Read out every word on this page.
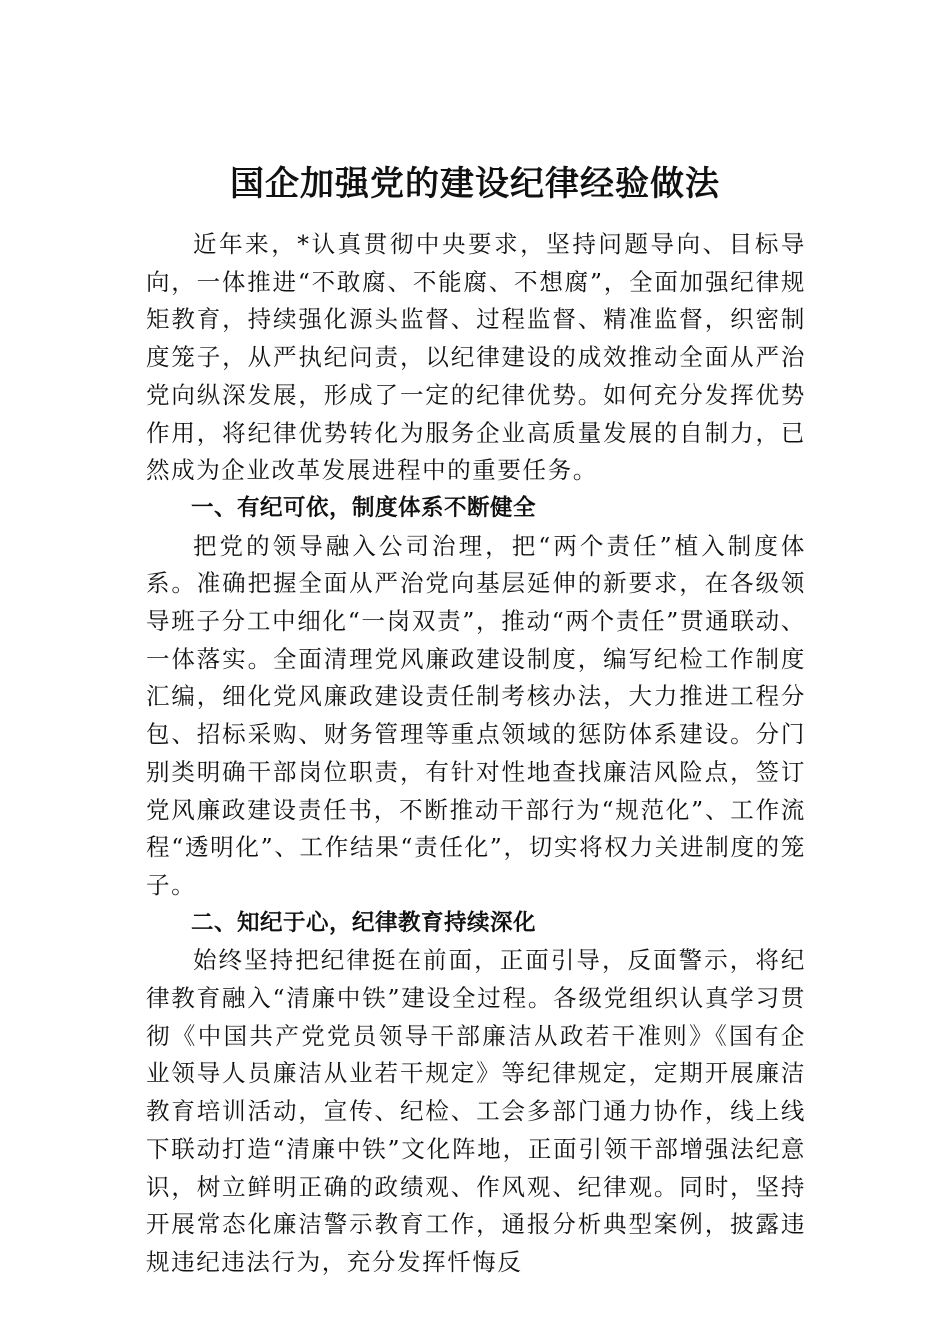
国企加强党的建设纪律经验做法

近年来，*认真贯彻中央要求，坚持问题导向、目标导向，一体推进“不敢腐、不能腐、不想腐”，全面加强纪律规矩教育，持续强化源头监督、过程监督、精准监督，织密制度笼子，从严执纪问责，以纪律建设的成效推动全面从严治党向纵深发展，形成了一定的纪律优势。如何充分发挥优势作用，将纪律优势转化为服务企业高质量发展的自制力，已然成为企业改革发展进程中的重要任务。

一、有纪可依，制度体系不断健全

把党的领导融入公司治理，把“两个责任”植入制度体系。准确把握全面从严治党向基层延伸的新要求，在各级领导班子分工中细化“一岗双责”，推动“两个责任”贯通联动、一体落实。全面清理党风廉政建设制度，编写纪检工作制度汇编，细化党风廉政建设责任制考核办法，大力推进工程分包、招标采购、财务管理等重点领域的惩防体系建设。分门别类明确干部岗位职责，有针对性地查找廉洁风险点，签订党风廉政建设责任书，不断推动干部行为“规范化”、工作流程“透明化”、工作结果“责任化”，切实将权力关进制度的笼子。

二、知纪于心，纪律教育持续深化

始终坚持把纪律挺在前面，正面引导，反面警示，将纪律教育融入“清廉中铁”建设全过程。各级党组织认真学习贯彻《中国共产党党员领导干部廉洁从政若干准则》《国有企业领导人员廉洁从业若干规定》等纪律规定，定期开展廉洁教育培训活动，宣传、纪检、工会多部门通力协作，线上线下联动打造“清廉中铁”文化阵地，正面引领干部增强法纪意识，树立鲜明正确的政绩观、作风观、纪律观。同时，坚持开展常态化廉洁警示教育工作，通报分析典型案例，披露违规违纪违法行为，充分发挥忏悔反
